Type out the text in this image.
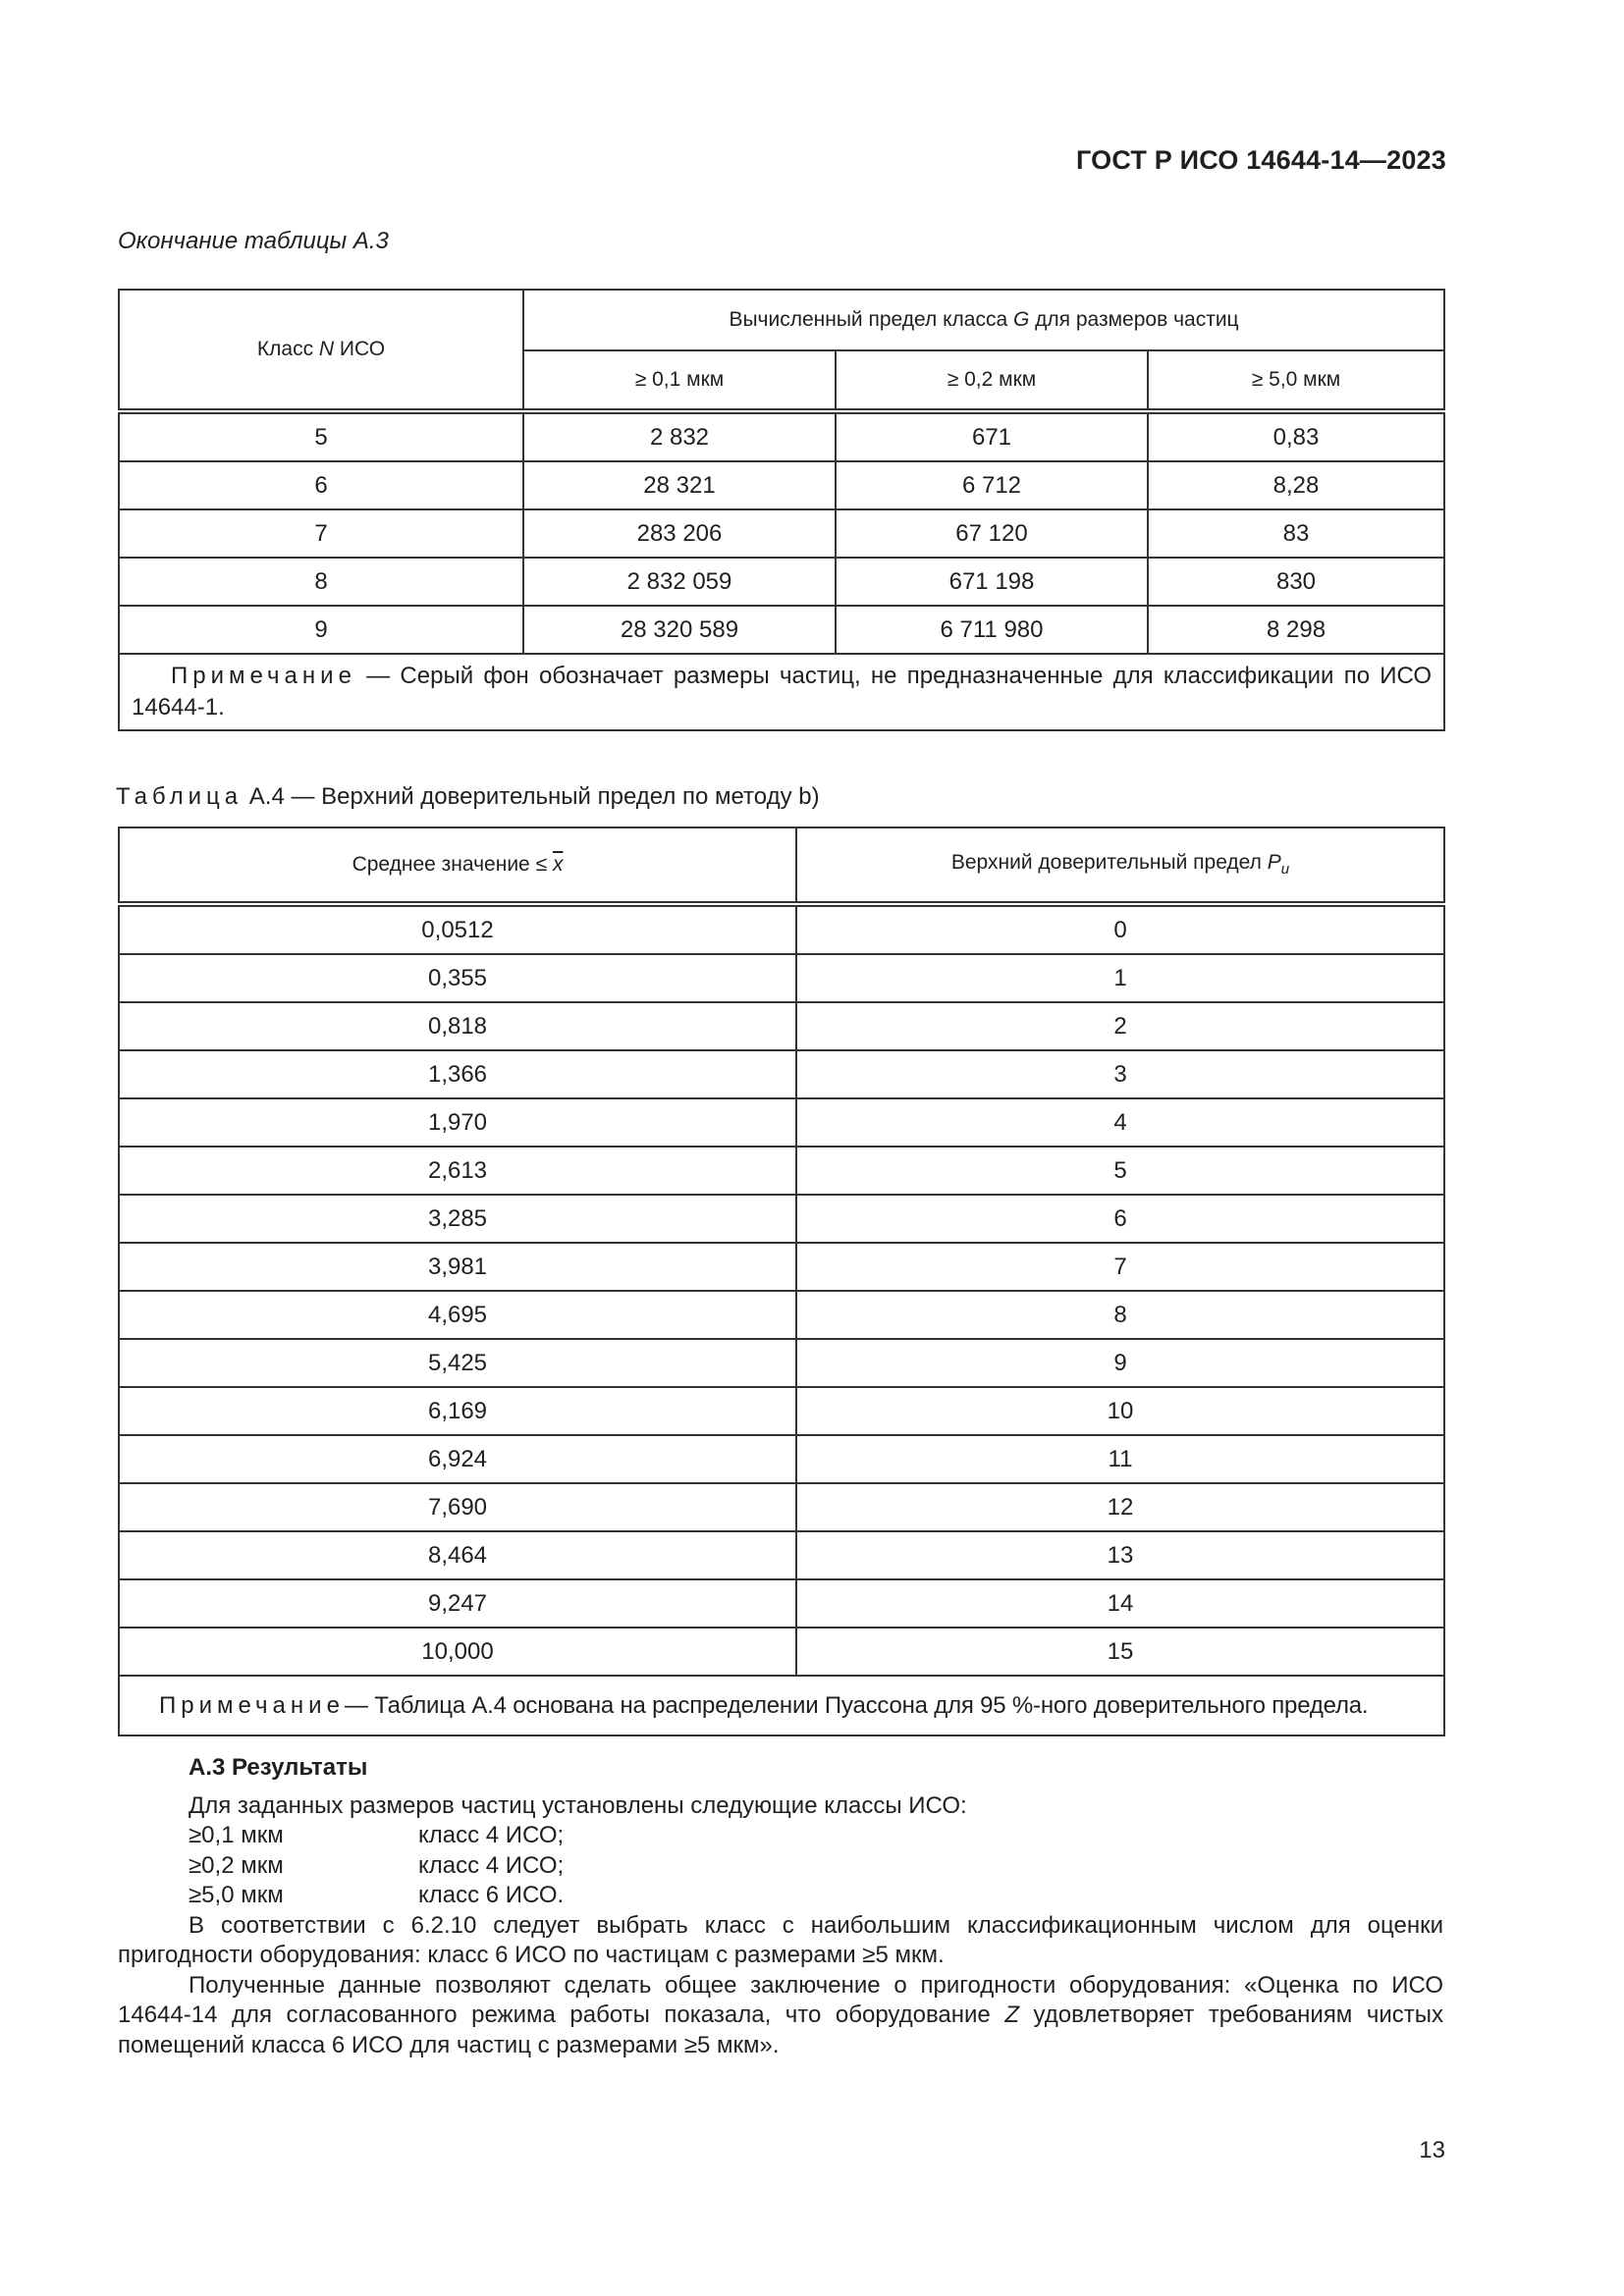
ГОСТ Р ИСО 14644-14—2023
Окончание таблицы А.3
Класс N ИСО	Вычисленный предел класса G для размеров частиц		
	≥ 0,1 мкм	≥ 0,2 мкм	≥ 5,0 мкм
5	2 832	671	0,83
6	28 321	6 712	8,28
7	283 206	67 120	83
8	2 832 059	671 198	830
9	28 320 589	6 711 980	8 298
Примечание — Серый фон обозначает размеры частиц, не предназначенные для классификации по ИСО 14644-1.			
Таблица А.4 — Верхний доверительный предел по методу b)
Среднее значение ≤ $\overline{x}$	Верхний доверительный предел $P_u$
0,0512	0
0,355	1
0,818	2
1,366	3
1,970	4
2,613	5
3,285	6
3,981	7
4,695	8
5,425	9
6,169	10
6,924	11
7,690	12
8,464	13
9,247	14
10,000	15
Примечание— Таблица А.4 основана на распределении Пуассона для 95 %-ного доверительного предела.	
А.3 Результаты
Для заданных размеров частиц установлены следующие классы ИСО:
≥0,1 мкм	класс 4 ИСО;
≥0,2 мкм	класс 4 ИСО;
≥5,0 мкм	класс 6 ИСО.

В соответствии с 6.2.10 следует выбрать класс с наибольшим классификационным числом для оценки пригодности оборудования: класс 6 ИСО по частицам с размерами ≥5 мкм.

Полученные данные позволяют сделать общее заключение о пригодности оборудования: «Оценка по ИСО 14644-14 для согласованного режима работы показала, что оборудование Z удовлетворяет требованиям чистых помещений класса 6 ИСО для частиц с размерами ≥5 мкм».

13
